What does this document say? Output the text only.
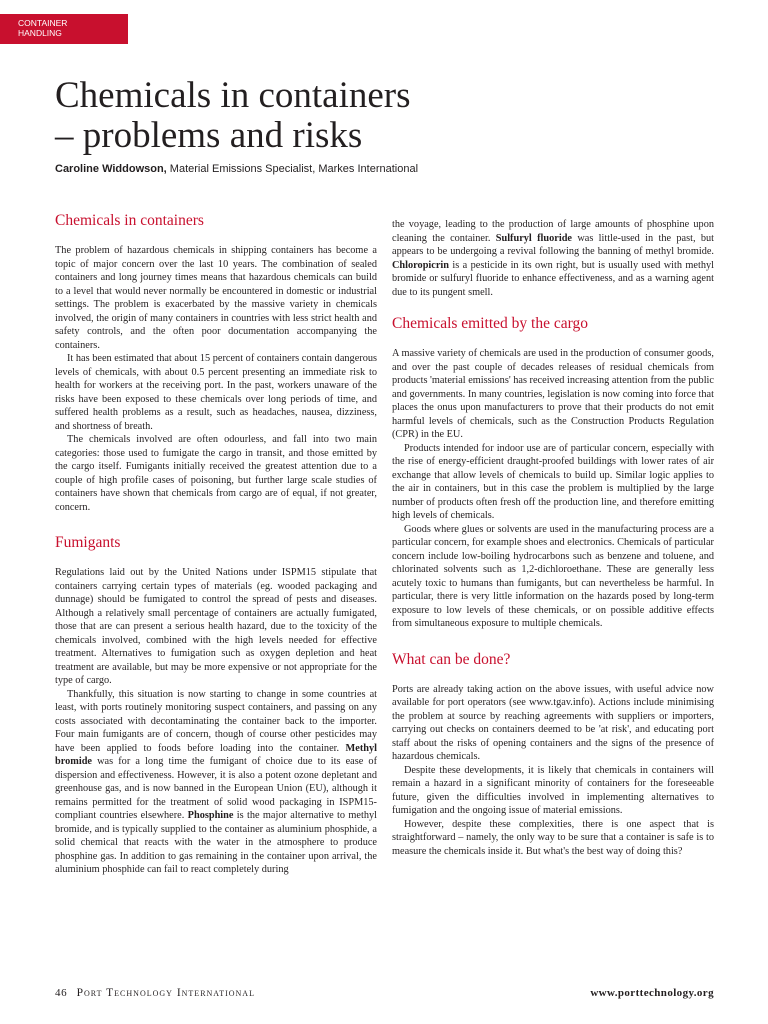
CONTAINER
HANDLING
Chemicals in containers
– problems and risks
Caroline Widdowson, Material Emissions Specialist, Markes International
Chemicals in containers

The problem of hazardous chemicals in shipping containers has become a topic of major concern over the last 10 years. The combination of sealed containers and long journey times means that hazardous chemicals can build to a level that would never normally be encountered in domestic or industrial settings. The problem is exacerbated by the massive variety in chemicals involved, the origin of many containers in countries with less strict health and safety controls, and the often poor documentation accompanying the containers.

It has been estimated that about 15 percent of containers contain dangerous levels of chemicals, with about 0.5 percent presenting an immediate risk to health for workers at the receiving port. In the past, workers unaware of the risks have been exposed to these chemicals over long periods of time, and suffered health problems as a result, such as headaches, nausea, dizziness, and shortness of breath.

The chemicals involved are often odourless, and fall into two main categories: those used to fumigate the cargo in transit, and those emitted by the cargo itself. Fumigants initially received the greatest attention due to a couple of high profile cases of poisoning, but further large scale studies of containers have shown that chemicals from cargo are of equal, if not greater, concern.

Fumigants

Regulations laid out by the United Nations under ISPM15 stipulate that containers carrying certain types of materials (eg. wooded packaging and dunnage) should be fumigated to control the spread of pests and diseases. Although a relatively small percentage of containers are actually fumigated, those that are can present a serious health hazard, due to the toxicity of the chemicals involved, combined with the high levels needed for effective treatment. Alternatives to fumigation such as oxygen depletion and heat treatment are available, but may be more expensive or not appropriate for the type of cargo.

Thankfully, this situation is now starting to change in some countries at least, with ports routinely monitoring suspect containers, and passing on any costs associated with decontaminating the container back to the importer. Four main fumigants are of concern, though of course other pesticides may have been applied to foods before loading into the container. Methyl bromide was for a long time the fumigant of choice due to its ease of dispersion and effectiveness. However, it is also a potent ozone depletant and greenhouse gas, and is now banned in the European Union (EU), although it remains permitted for the treatment of solid wood packaging in ISPM15-compliant countries elsewhere. Phosphine is the major alternative to methyl bromide, and is typically supplied to the container as aluminium phosphide, a solid chemical that reacts with the water in the atmosphere to produce phosphine gas. In addition to gas remaining in the container upon arrival, the aluminium phosphide can fail to react completely during

the voyage, leading to the production of large amounts of phosphine upon cleaning the container. Sulfuryl fluoride was little-used in the past, but appears to be undergoing a revival following the banning of methyl bromide. Chloropicrin is a pesticide in its own right, but is usually used with methyl bromide or sulfuryl fluoride to enhance effectiveness, and as a warning agent due to its pungent smell.

Chemicals emitted by the cargo

A massive variety of chemicals are used in the production of consumer goods, and over the past couple of decades releases of residual chemicals from products 'material emissions' has received increasing attention from the public and governments. In many countries, legislation is now coming into force that places the onus upon manufacturers to prove that their products do not emit harmful levels of chemicals, such as the Construction Products Regulation (CPR) in the EU.

Products intended for indoor use are of particular concern, especially with the rise of energy-efficient draught-proofed buildings with lower rates of air exchange that allow levels of chemicals to build up. Similar logic applies to the air in containers, but in this case the problem is multiplied by the large number of products often fresh off the production line, and therefore emitting high levels of chemicals.

Goods where glues or solvents are used in the manufacturing process are a particular concern, for example shoes and electronics. Chemicals of particular concern include low-boiling hydrocarbons such as benzene and toluene, and chlorinated solvents such as 1,2-dichloroethane. These are generally less acutely toxic to humans than fumigants, but can nevertheless be harmful. In particular, there is very little information on the hazards posed by long-term exposure to low levels of these chemicals, or on possible additive effects from simultaneous exposure to multiple chemicals.

What can be done?

Ports are already taking action on the above issues, with useful advice now available for port operators (see www.tgav.info). Actions include minimising the problem at source by reaching agreements with suppliers or importers, carrying out checks on containers deemed to be 'at risk', and educating port staff about the risks of opening containers and the signs of the presence of hazardous chemicals.

Despite these developments, it is likely that chemicals in containers will remain a hazard in a significant minority of containers for the foreseeable future, given the difficulties involved in implementing alternatives to fumigation and the ongoing issue of material emissions.

However, despite these complexities, there is one aspect that is straightforward – namely, the only way to be sure that a container is safe is to measure the chemicals inside it. But what's the best way of doing this?

46 Port Technology International	www.porttechnology.org
